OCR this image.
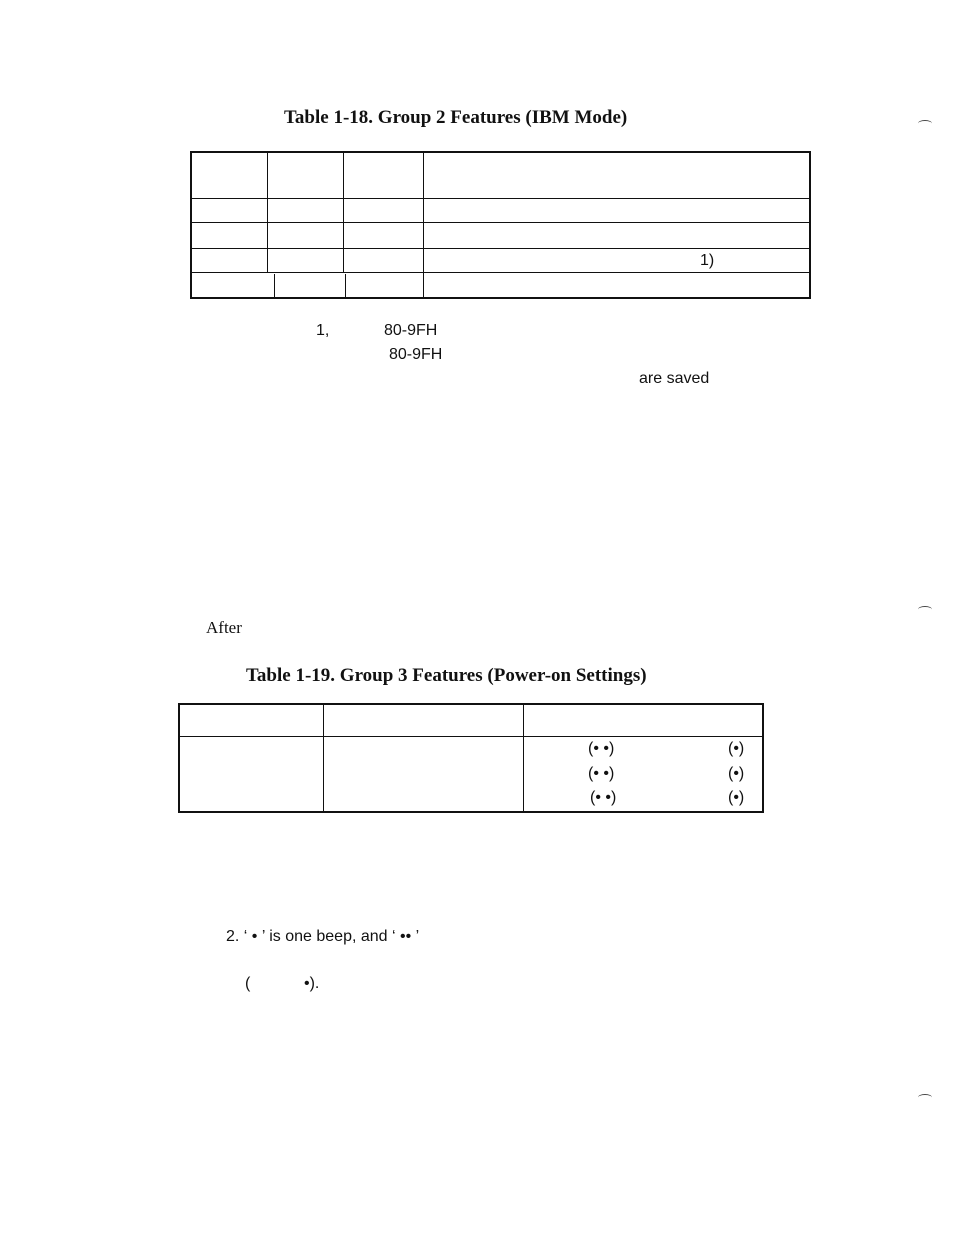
Table 1-18. Group 2 Features (IBM Mode)
1)
1,	80-9FH
80-9FH
are saved
After
Table 1-19. Group 3 Features (Power-on Settings)
(• •)	(•)
(• •)	(•)
(• •)	(•)
2. ‘ • ’ is one beep, and ‘ •• ’
(	•).
